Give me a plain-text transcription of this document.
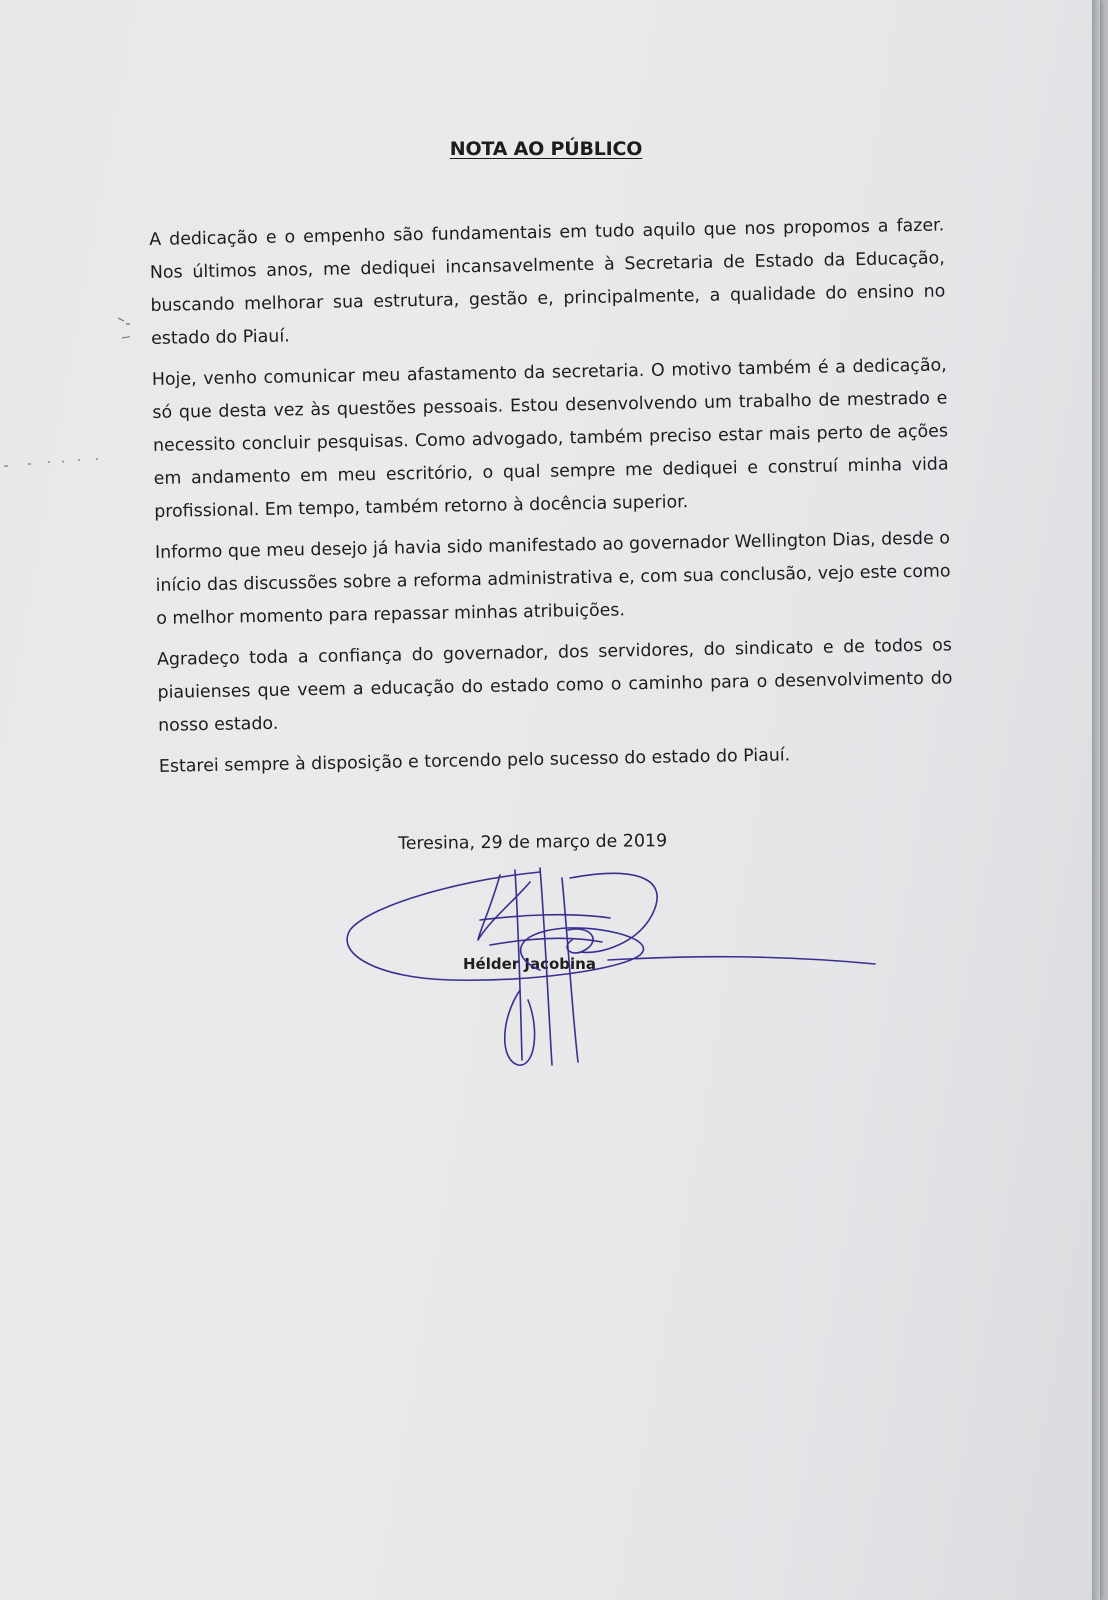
NOTA AO PÚBLICO

A dedicação e o empenho são fundamentais em tudo aquilo que nos propomos a fazer. Nos últimos anos, me dediquei incansavelmente à Secretaria de Estado da Educação, buscando melhorar sua estrutura, gestão e, principalmente, a qualidade do ensino no estado do Piauí.

Hoje, venho comunicar meu afastamento da secretaria. O motivo também é a dedicação, só que desta vez às questões pessoais. Estou desenvolvendo um trabalho de mestrado e necessito concluir pesquisas. Como advogado, também preciso estar mais perto de ações em andamento em meu escritório, o qual sempre me dediquei e construí minha vida profissional. Em tempo, também retorno à docência superior.

Informo que meu desejo já havia sido manifestado ao governador Wellington Dias, desde o início das discussões sobre a reforma administrativa e, com sua conclusão, vejo este como o melhor momento para repassar minhas atribuições.

Agradeço toda a confiança do governador, dos servidores, do sindicato e de todos os piauienses que veem a educação do estado como o caminho para o desenvolvimento do nosso estado.

Estarei sempre à disposição e torcendo pelo sucesso do estado do Piauí.

Teresina, 29 de março de 2019
Hélder Jacobina
